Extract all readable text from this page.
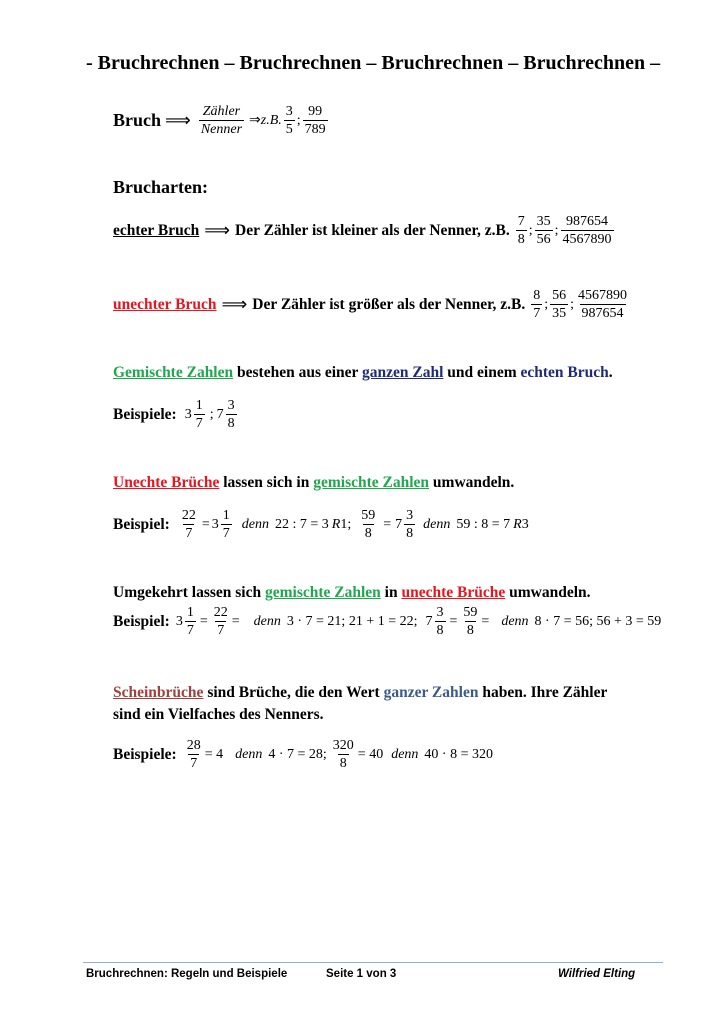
- Bruchrechnen – Bruchrechnen – Bruchrechnen – Bruchrechnen –
Bruch ⟹ $\frac{\text{Zähler}}{\text{Nenner}}$ ⇒ z.B. $\frac{3}{5}$ ; $\frac{99}{789}$
Brucharten:
echter Bruch ⟹ Der Zähler ist kleiner als der Nenner, z.B. $\frac{7}{8}$ ; $\frac{35}{56}$ ; $\frac{987654}{4567890}$
unechter Bruch ⟹ Der Zähler ist größer als der Nenner, z.B. $\frac{8}{7}$ ; $\frac{56}{35}$ ; $\frac{4567890}{987654}$
Gemischte Zahlen bestehen aus einer ganzen Zahl und einem echten Bruch.
Beispiele: $3 \frac{1}{7}$ ; $7 \frac{3}{8}$
Unechte Brüche lassen sich in gemischte Zahlen umwandeln.
Beispiel: $\frac{22}{7} = 3 \frac{1}{7}$ denn 22 : 7 = 3 R 1; $\frac{59}{8} = 7 \frac{3}{8}$ denn 59 : 8 = 7 R 3
Umgekehrt lassen sich gemischte Zahlen in unechte Brüche umwandeln.
Beispiel: $3 \frac{1}{7} = \frac{22}{7}$ = denn 3 · 7 = 21; 21 + 1 = 22; $7 \frac{3}{8} = \frac{59}{8}$ = denn 8 · 7 = 56; 56 + 3 = 59
Scheinbrüche sind Brüche, die den Wert ganzer Zahlen haben. Ihre Zähler
sind ein Vielfaches des Nenners.
Beispiele: $\frac{28}{7} = 4$ denn 4 · 7 = 28; $\frac{320}{8} = 40$ denn 40 · 8 = 320
Bruchrechnen: Regeln und Beispiele	Seite 1 von 3	Wilfried Elting
